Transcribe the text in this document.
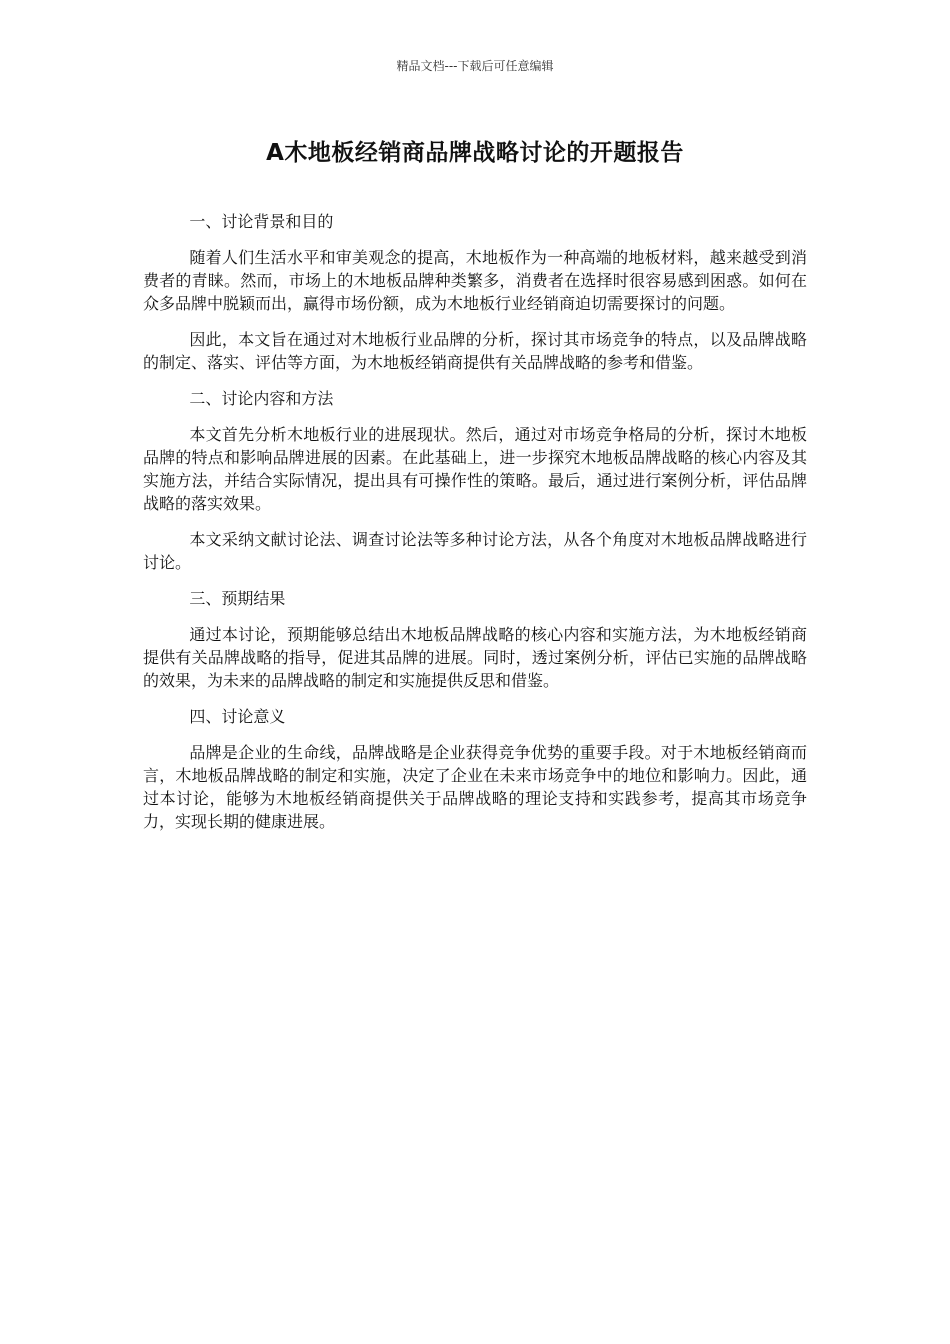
精品文档---下载后可任意编辑
A木地板经销商品牌战略讨论的开题报告
一、讨论背景和目的

随着人们生活水平和审美观念的提高，木地板作为一种高端的地板材料，越来越受到消费者的青睐。然而，市场上的木地板品牌种类繁多，消费者在选择时很容易感到困惑。如何在众多品牌中脱颖而出，赢得市场份额，成为木地板行业经销商迫切需要探讨的问题。

因此，本文旨在通过对木地板行业品牌的分析，探讨其市场竞争的特点，以及品牌战略的制定、落实、评估等方面，为木地板经销商提供有关品牌战略的参考和借鉴。

二、讨论内容和方法

本文首先分析木地板行业的进展现状。然后，通过对市场竞争格局的分析，探讨木地板品牌的特点和影响品牌进展的因素。在此基础上，进一步探究木地板品牌战略的核心内容及其实施方法，并结合实际情况，提出具有可操作性的策略。最后，通过进行案例分析，评估品牌战略的落实效果。

本文采纳文献讨论法、调查讨论法等多种讨论方法，从各个角度对木地板品牌战略进行讨论。

三、预期结果

通过本讨论，预期能够总结出木地板品牌战略的核心内容和实施方法，为木地板经销商提供有关品牌战略的指导，促进其品牌的进展。同时，透过案例分析，评估已实施的品牌战略的效果，为未来的品牌战略的制定和实施提供反思和借鉴。

四、讨论意义

品牌是企业的生命线，品牌战略是企业获得竞争优势的重要手段。对于木地板经销商而言，木地板品牌战略的制定和实施，决定了企业在未来市场竞争中的地位和影响力。因此，通过本讨论，能够为木地板经销商提供关于品牌战略的理论支持和实践参考，提高其市场竞争力，实现长期的健康进展。
